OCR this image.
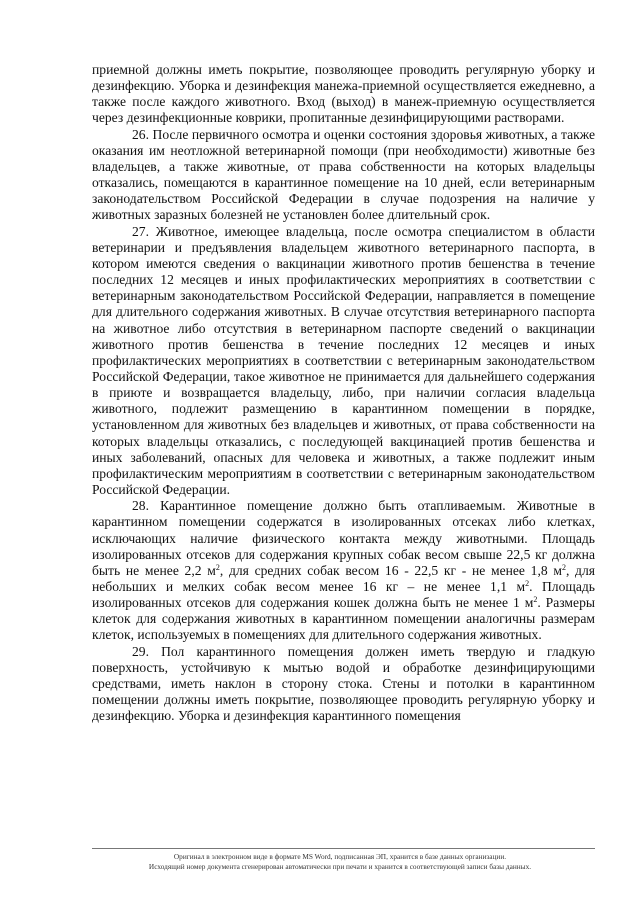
приемной должны иметь покрытие, позволяющее проводить регулярную уборку и дезинфекцию. Уборка и дезинфекция манежа-приемной осуществляется ежедневно, а также после каждого животного. Вход (выход) в манеж-приемную осуществляется через дезинфекционные коврики, пропитанные дезинфицирующими растворами.

26. После первичного осмотра и оценки состояния здоровья животных, а также оказания им неотложной ветеринарной помощи (при необходимости) животные без владельцев, а также животные, от права собственности на которых владельцы отказались, помещаются в карантинное помещение на 10 дней, если ветеринарным законодательством Российской Федерации в случае подозрения на наличие у животных заразных болезней не установлен более длительный срок.

27. Животное, имеющее владельца, после осмотра специалистом в области ветеринарии и предъявления владельцем животного ветеринарного паспорта, в котором имеются сведения о вакцинации животного против бешенства в течение последних 12 месяцев и иных профилактических мероприятиях в соответствии с ветеринарным законодательством Российской Федерации, направляется в помещение для длительного содержания животных. В случае отсутствия ветеринарного паспорта на животное либо отсутствия в ветеринарном паспорте сведений о вакцинации животного против бешенства в течение последних 12 месяцев и иных профилактических мероприятиях в соответствии с ветеринарным законодательством Российской Федерации, такое животное не принимается для дальнейшего содержания в приюте и возвращается владельцу, либо, при наличии согласия владельца животного, подлежит размещению в карантинном помещении в порядке, установленном для животных без владельцев и животных, от права собственности на которых владельцы отказались, с последующей вакцинацией против бешенства и иных заболеваний, опасных для человека и животных, а также подлежит иным профилактическим мероприятиям в соответствии с ветеринарным законодательством Российской Федерации.

28. Карантинное помещение должно быть отапливаемым. Животные в карантинном помещении содержатся в изолированных отсеках либо клетках, исключающих наличие физического контакта между животными. Площадь изолированных отсеков для содержания крупных собак весом свыше 22,5 кг должна быть не менее 2,2 $м^2$, для средних собак весом 16 - 22,5 кг - не менее 1,8 $м^2$, для небольших и мелких собак весом менее 16 кг – не менее 1,1 $м^2$. Площадь изолированных отсеков для содержания кошек должна быть не менее 1 $м^2$. Размеры клеток для содержания животных в карантинном помещении аналогичны размерам клеток, используемых в помещениях для длительного содержания животных.

29. Пол карантинного помещения должен иметь твердую и гладкую поверхность, устойчивую к мытью водой и обработке дезинфицирующими средствами, иметь наклон в сторону стока. Стены и потолки в карантинном помещении должны иметь покрытие, позволяющее проводить регулярную уборку и дезинфекцию. Уборка и дезинфекция карантинного помещения

Оригинал в электронном виде в формате MS Word, подписанная ЭП, хранится в базе данных организации.
Исходящий номер документа сгенерирован автоматически при печати и хранится в соответствующей записи базы данных.
